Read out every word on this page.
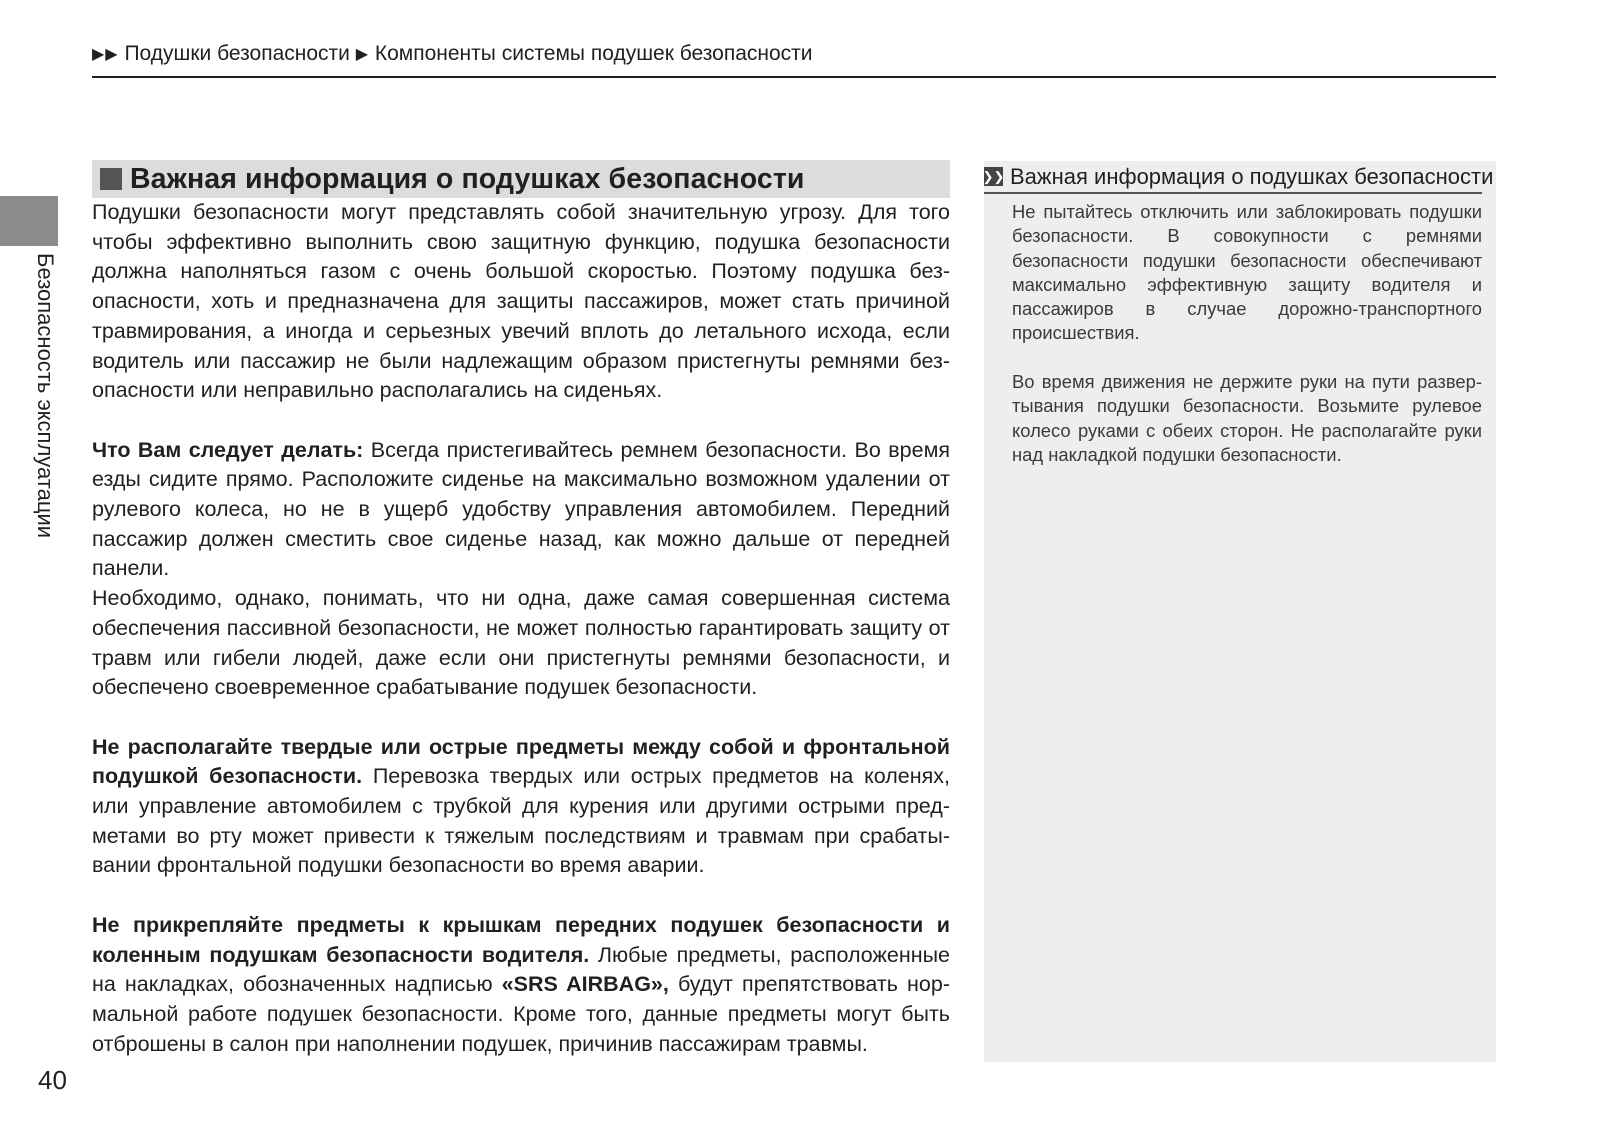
▶▶ Подушки безопасности ▶ Компоненты системы подушек безопасности
Безопасность эксплуатации
40
Важная информация о подушках безопасности

Подушки безопасности могут представлять собой значительную угрозу. Для того чтобы эффективно выполнить свою защитную функцию, подушка безопасности должна наполняться газом с очень большой скоростью. Поэтому подушка безопасности, хоть и предназначена для защиты пассажиров, может стать причиной травмирования, а иногда и серьезных увечий вплоть до летального исхода, если водитель или пассажир не были надлежащим образом пристегнуты ремнями безопасности или неправильно располагались на сиденьях.

Что Вам следует делать: Всегда пристегивайтесь ремнем безопасности. Во время езды сидите прямо. Расположите сиденье на максимально возможном удалении от рулевого колеса, но не в ущерб удобству управления автомобилем. Передний пассажир должен сместить свое сиденье назад, как можно дальше от передней панели.

Необходимо, однако, понимать, что ни одна, даже самая совершенная система обеспечения пассивной безопасности, не может полностью гарантировать защиту от травм или гибели людей, даже если они пристегнуты ремнями безопасности, и обеспечено своевременное срабатывание подушек безопасности.

Не располагайте твердые или острые предметы между собой и фронтальной подушкой безопасности. Перевозка твердых или острых предметов на коленях, или управление автомобилем с трубкой для курения или другими острыми предметами во рту может привести к тяжелым последствиям и травмам при срабатывании фронтальной подушки безопасности во время аварии.

Не прикрепляйте предметы к крышкам передних подушек безопасности и коленным подушкам безопасности водителя. Любые предметы, расположенные на накладках, обозначенных надписью «SRS AIRBAG», будут препятствовать нормальной работе подушек безопасности. Кроме того, данные предметы могут быть отброшены в салон при наполнении подушек, причинив пассажирам травмы.

❯❯ Важная информация о подушках безопасности

Не пытайтесь отключить или заблокировать подушки безопасности. В совокупности с ремнями безопасности подушки безопасности обеспечивают максимально эффективную защиту водителя и пассажиров в случае дорожно-транспортного происшествия.

Во время движения не держите руки на пути развертывания подушки безопасности. Возьмите рулевое колесо руками с обеих сторон. Не располагайте руки над накладкой подушки безопасности.
